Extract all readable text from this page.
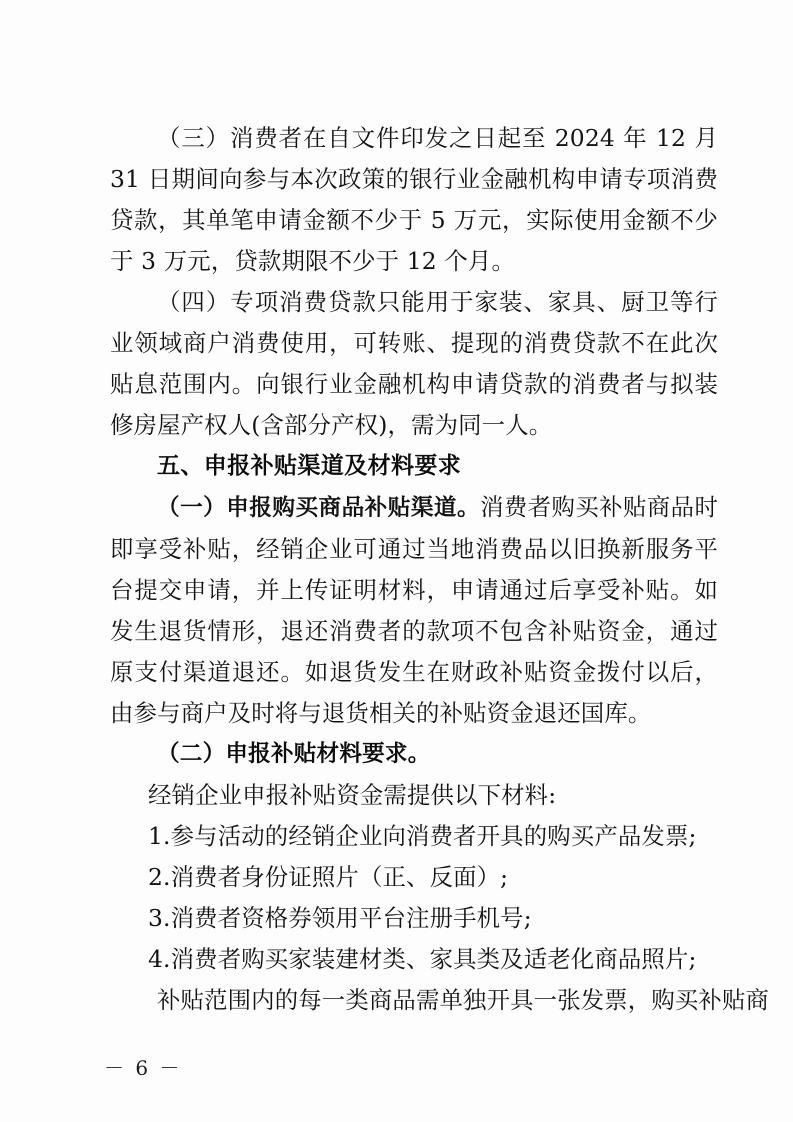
（三）消费者在自文件印发之日起至 2024 年 12 月 31 日期间向参与本次政策的银行业金融机构申请专项消费贷款，其单笔申请金额不少于 5 万元，实际使用金额不少于 3 万元，贷款期限不少于 12 个月。

（四）专项消费贷款只能用于家装、家具、厨卫等行业领域商户消费使用，可转账、提现的消费贷款不在此次贴息范围内。向银行业金融机构申请贷款的消费者与拟装修房屋产权人(含部分产权)，需为同一人。

五、申报补贴渠道及材料要求

（一）申报购买商品补贴渠道。消费者购买补贴商品时即享受补贴，经销企业可通过当地消费品以旧换新服务平台提交申请，并上传证明材料，申请通过后享受补贴。如发生退货情形，退还消费者的款项不包含补贴资金，通过原支付渠道退还。如退货发生在财政补贴资金拨付以后，由参与商户及时将与退货相关的补贴资金退还国库。

（二）申报补贴材料要求。

经销企业申报补贴资金需提供以下材料:

1.参与活动的经销企业向消费者开具的购买产品发票;

2.消费者身份证照片（正、反面）;

3.消费者资格券领用平台注册手机号;

4.消费者购买家装建材类、家具类及适老化商品照片;

补贴范围内的每一类商品需单独开具一张发票，购买补贴商

－ 6 －
